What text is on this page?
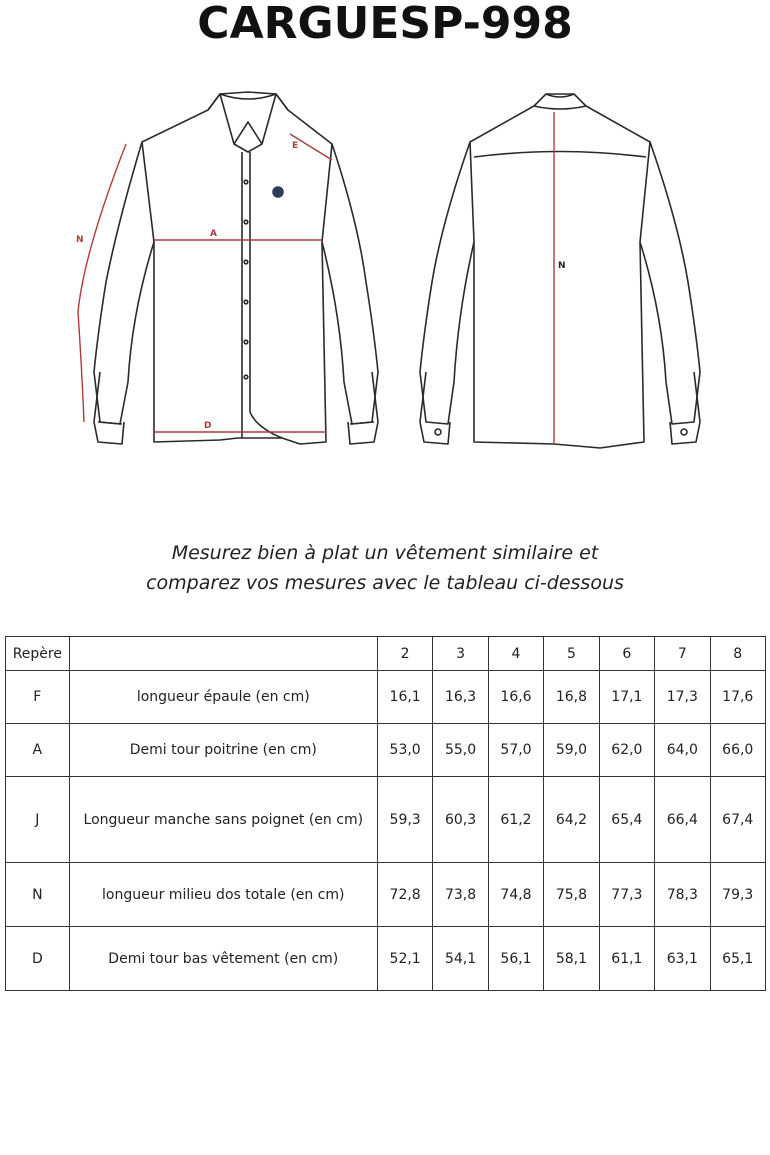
CARGUESP-998
E
N
A
D
N
Mesurez bien à plat un vêtement similaire et
comparez vos mesures avec le tableau ci-dessous
Repère		2	3	4	5	6	7	8
F	longueur épaule (en cm)	16,1	16,3	16,6	16,8	17,1	17,3	17,6
A	Demi tour poitrine (en cm)	53,0	55,0	57,0	59,0	62,0	64,0	66,0
J	Longueur manche sans poignet (en cm)	59,3	60,3	61,2	64,2	65,4	66,4	67,4
N	longueur milieu dos totale (en cm)	72,8	73,8	74,8	75,8	77,3	78,3	79,3
D	Demi tour bas vêtement (en cm)	52,1	54,1	56,1	58,1	61,1	63,1	65,1
